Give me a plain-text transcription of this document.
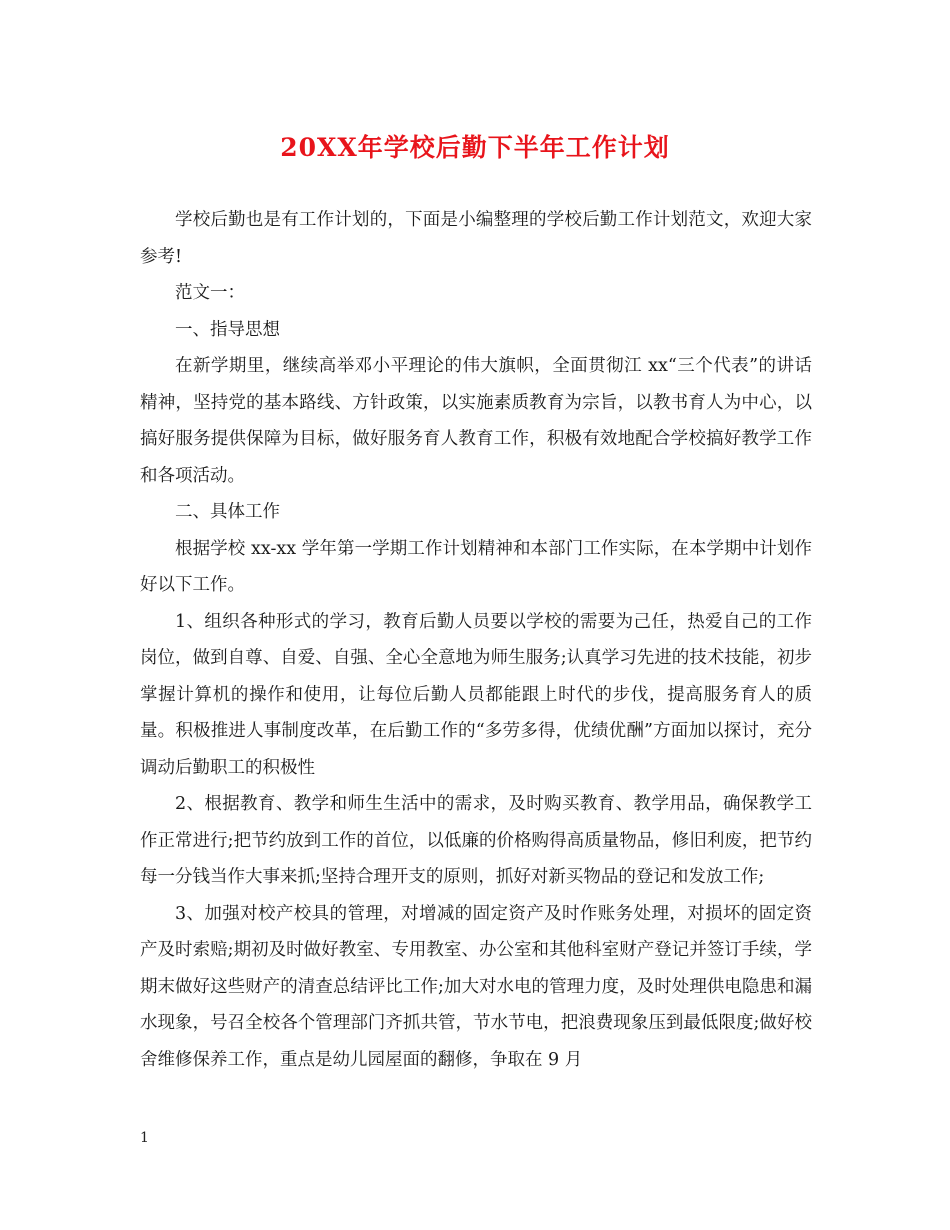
20XX年学校后勤下半年工作计划

学校后勤也是有工作计划的，下面是小编整理的学校后勤工作计划范文，欢迎大家参考!

范文一：

一、指导思想

在新学期里，继续高举邓小平理论的伟大旗帜，全面贯彻江 xx“三个代表”的讲话精神，坚持党的基本路线、方针政策，以实施素质教育为宗旨，以教书育人为中心，以搞好服务提供保障为目标，做好服务育人教育工作，积极有效地配合学校搞好教学工作和各项活动。

二、具体工作

根据学校 xx-xx 学年第一学期工作计划精神和本部门工作实际，在本学期中计划作好以下工作。

1、组织各种形式的学习，教育后勤人员要以学校的需要为己任，热爱自己的工作岗位，做到自尊、自爱、自强、全心全意地为师生服务;认真学习先进的技术技能，初步掌握计算机的操作和使用，让每位后勤人员都能跟上时代的步伐，提高服务育人的质量。积极推进人事制度改革，在后勤工作的“多劳多得，优绩优酬”方面加以探讨，充分调动后勤职工的积极性

2、根据教育、教学和师生生活中的需求，及时购买教育、教学用品，确保教学工作正常进行;把节约放到工作的首位，以低廉的价格购得高质量物品，修旧利废，把节约每一分钱当作大事来抓;坚持合理开支的原则，抓好对新买物品的登记和发放工作;

3、加强对校产校具的管理，对增减的固定资产及时作账务处理，对损坏的固定资产及时索赔;期初及时做好教室、专用教室、办公室和其他科室财产登记并签订手续，学期末做好这些财产的清查总结评比工作;加大对水电的管理力度，及时处理供电隐患和漏水现象，号召全校各个管理部门齐抓共管，节水节电，把浪费现象压到最低限度;做好校舍维修保养工作，重点是幼儿园屋面的翻修，争取在 9 月

1
